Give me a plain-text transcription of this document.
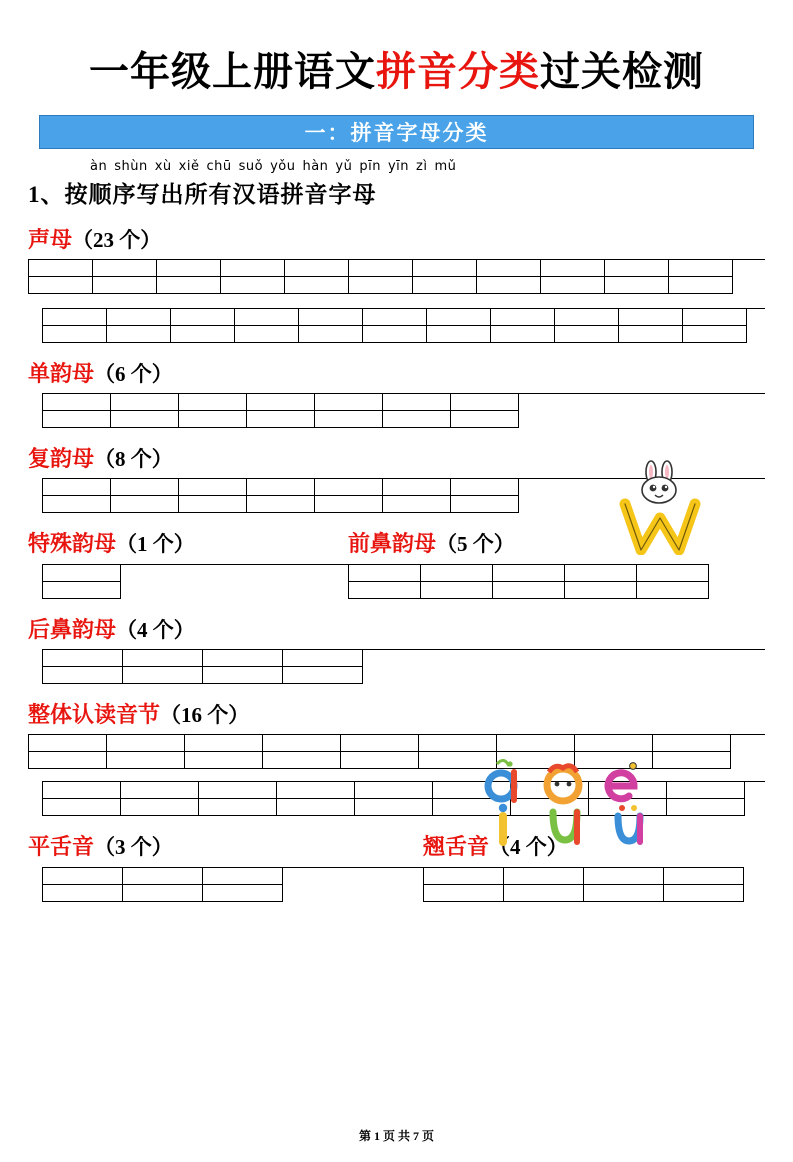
一年级上册语文拼音分类过关检测
一：拼音字母分类
àn shùn xù xiě chū suǒ yǒu hàn yǔ pīn yīn zì mǔ
1、按顺序写出所有汉语拼音字母
声母（23 个）
单韵母（6 个）
复韵母（8 个）
特殊韵母（1 个）	前鼻韵母（5 个）
后鼻韵母（4 个）
整体认读音节（16 个）
平舌音（3 个）	翘舌音（4 个）
第 1 页 共 7 页
